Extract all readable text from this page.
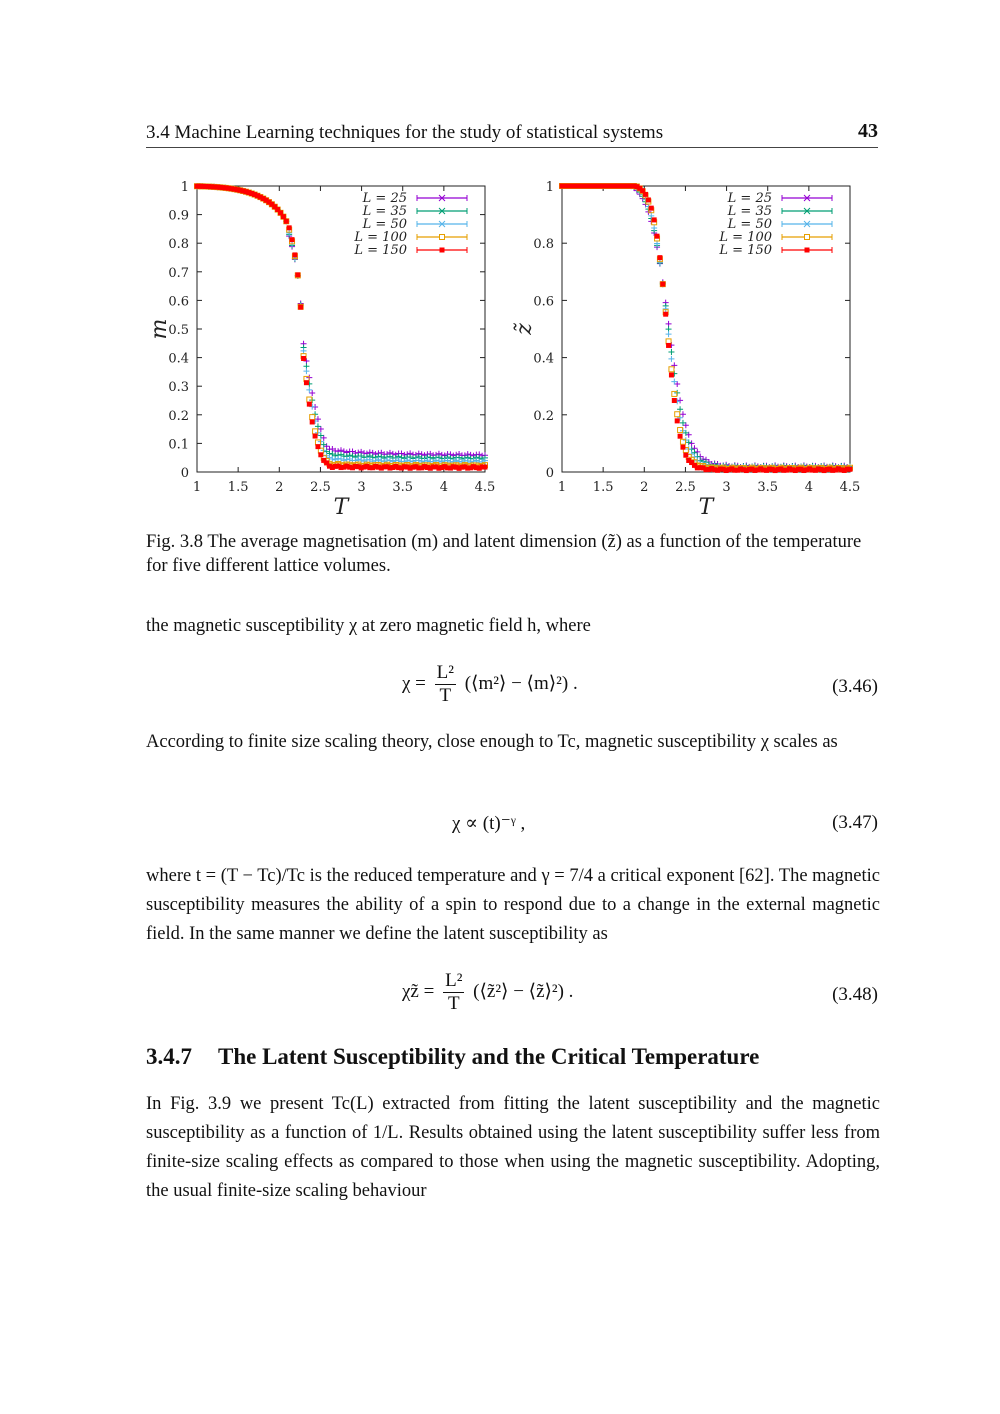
3.4 Machine Learning techniques for the study of statistical systems	43
0
0.1
0.2
0.3
0.4
0.5
0.6
0.7
0.8
0.9
1
1 1.5 2 2.5 3 3.5 4 4.5
T
m
L = 25
L = 35
L = 50
L = 100
L = 150
0
0.2
0.4
0.6
0.8
1
1 1.5 2 2.5 3 3.5 4 4.5
T
z̃
L = 25
L = 35
L = 50
L = 100
L = 150
Fig. 3.8 The average magnetisation (m) and latent dimension (z̃) as a function of the temperature for five different lattice volumes.
the magnetic susceptibility χ at zero magnetic field h, where
$\chi = \frac{\text{L²}}{T}$ (⟨m²⟩ − ⟨m⟩²) .	(3.46)
According to finite size scaling theory, close enough to Tc, magnetic susceptibility χ scales as
χ ∝ (t)⁻ᵞ ,	(3.47)
where t = (T − Tc)/Tc is the reduced temperature and γ = 7/4 a critical exponent [62]. The magnetic susceptibility measures the ability of a spin to respond due to a change in the external magnetic field. In the same manner we define the latent susceptibility as
χz̃ = $\frac{\text{L²}}{T}$ (⟨z̃²⟩ − ⟨z̃⟩²) .	(3.48)
3.4.7 The Latent Susceptibility and the Critical Temperature
In Fig. 3.9 we present Tc(L) extracted from fitting the latent susceptibility and the magnetic susceptibility as a function of 1/L. Results obtained using the latent susceptibility suffer less from finite-size scaling effects as compared to those when using the magnetic susceptibility. Adopting, the usual finite-size scaling behaviour
